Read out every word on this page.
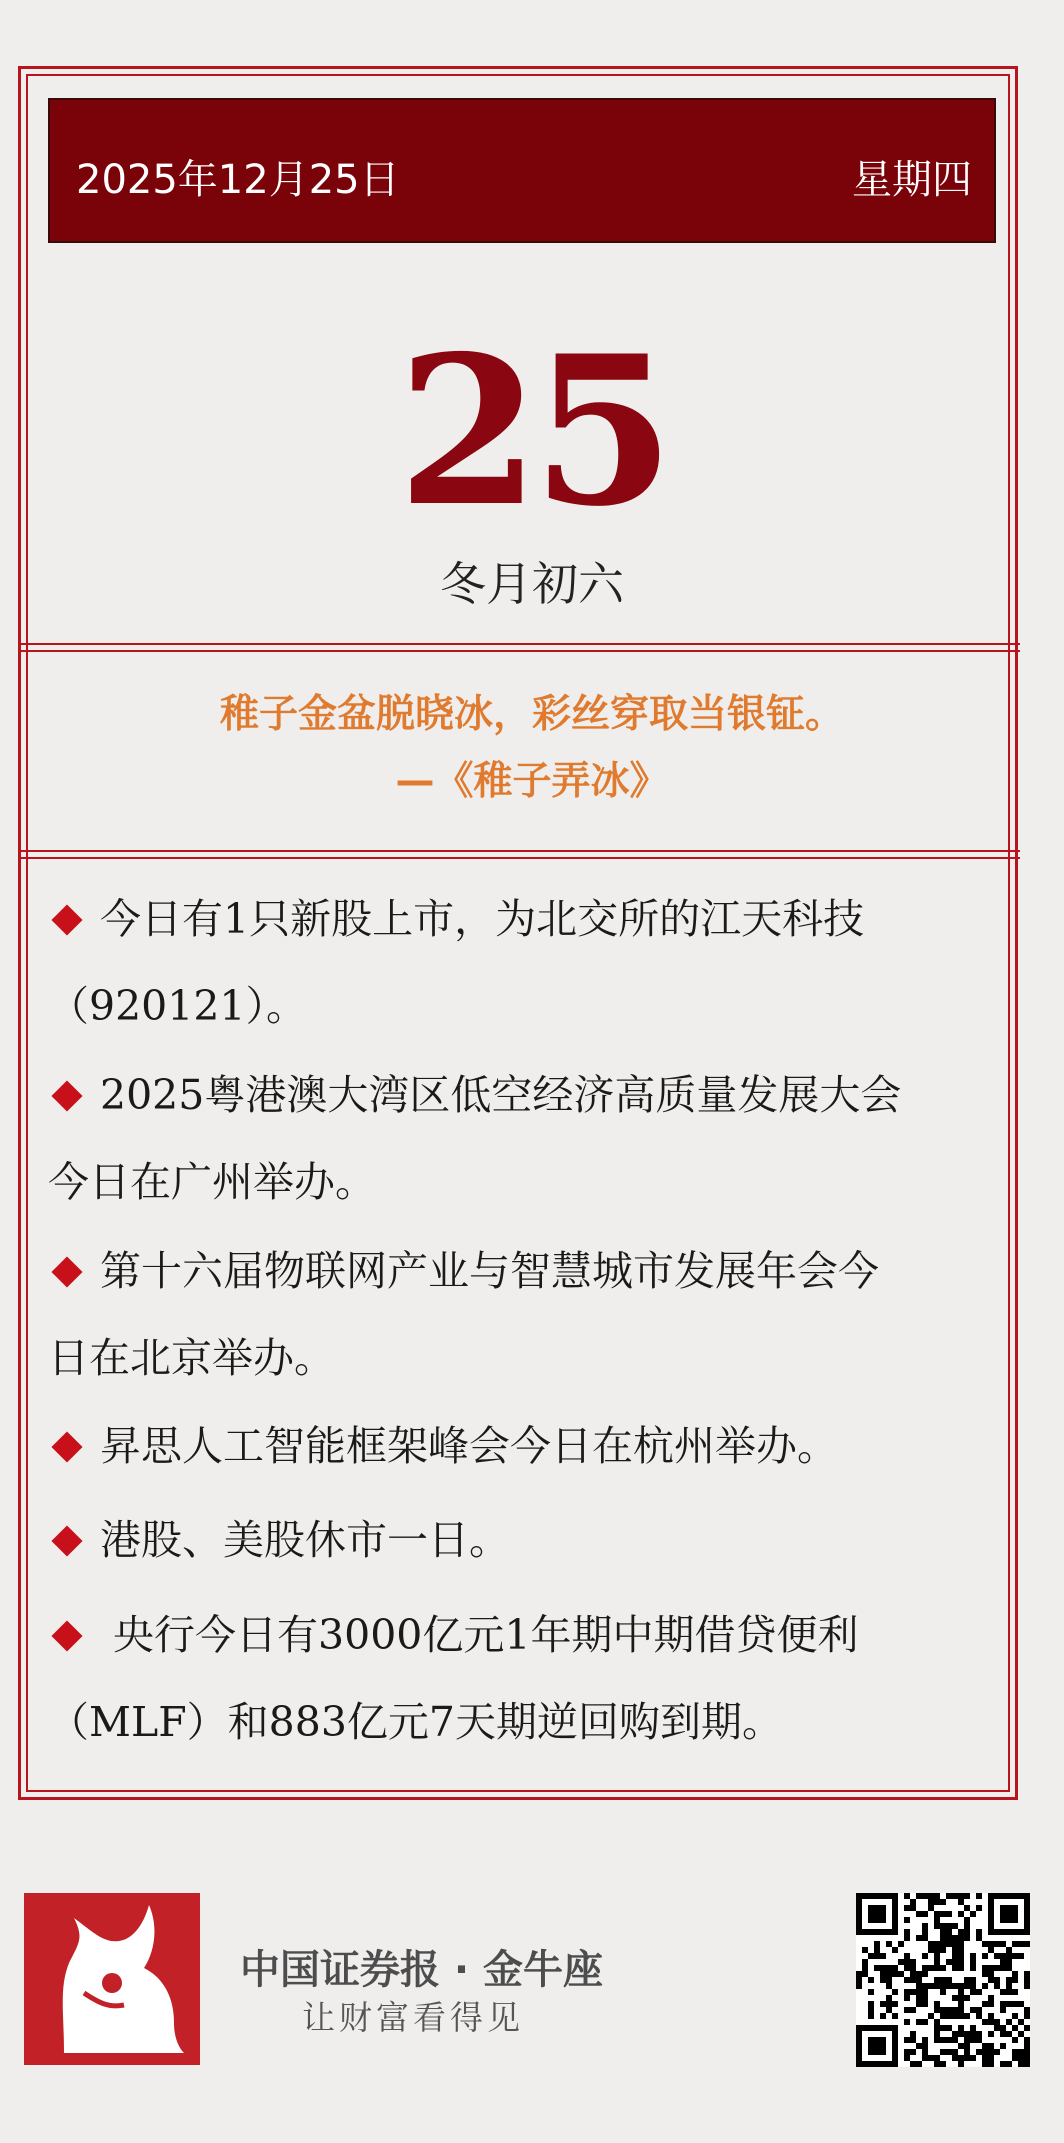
2025年12月25日	星期四
25
冬月初六
稚子金盆脱晓冰，彩丝穿取当银钲。
—《稚子弄冰》
今日有1只新股上市，为北交所的江天科技
（920121）。
2025粤港澳大湾区低空经济高质量发展大会
今日在广州举办。
第十六届物联网产业与智慧城市发展年会今
日在北京举办。
昇思人工智能框架峰会今日在杭州举办。
港股、美股休市一日。
央行今日有3000亿元1年期中期借贷便利
（MLF）和883亿元7天期逆回购到期。
中国证券报 · 金牛座
让财富看得见
